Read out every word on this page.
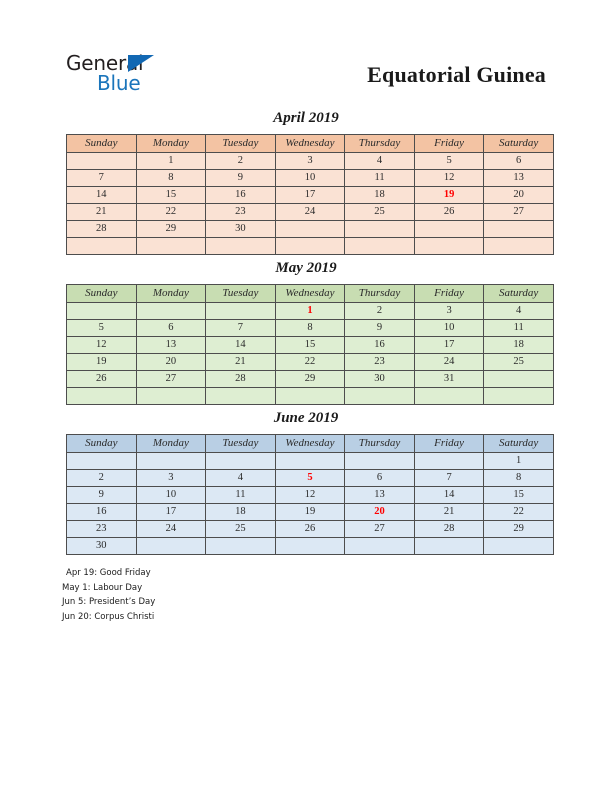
General
Blue	Equatorial Guinea
April 2019
Sunday	Monday	Tuesday	Wednesday	Thursday	Friday	Saturday
	1	2	3	4	5	6
7	8	9	10	11	12	13
14	15	16	17	18	19	20
21	22	23	24	25	26	27
28	29	30				

May 2019
Sunday	Monday	Tuesday	Wednesday	Thursday	Friday	Saturday
			1	2	3	4
5	6	7	8	9	10	11
12	13	14	15	16	17	18
19	20	21	22	23	24	25
26	27	28	29	30	31	

June 2019
Sunday	Monday	Tuesday	Wednesday	Thursday	Friday	Saturday
						1
2	3	4	5	6	7	8
9	10	11	12	13	14	15
16	17	18	19	20	21	22
23	24	25	26	27	28	29
30						
Apr 19: Good Friday
May 1: Labour Day
Jun 5: President’s Day
Jun 20: Corpus Christi
